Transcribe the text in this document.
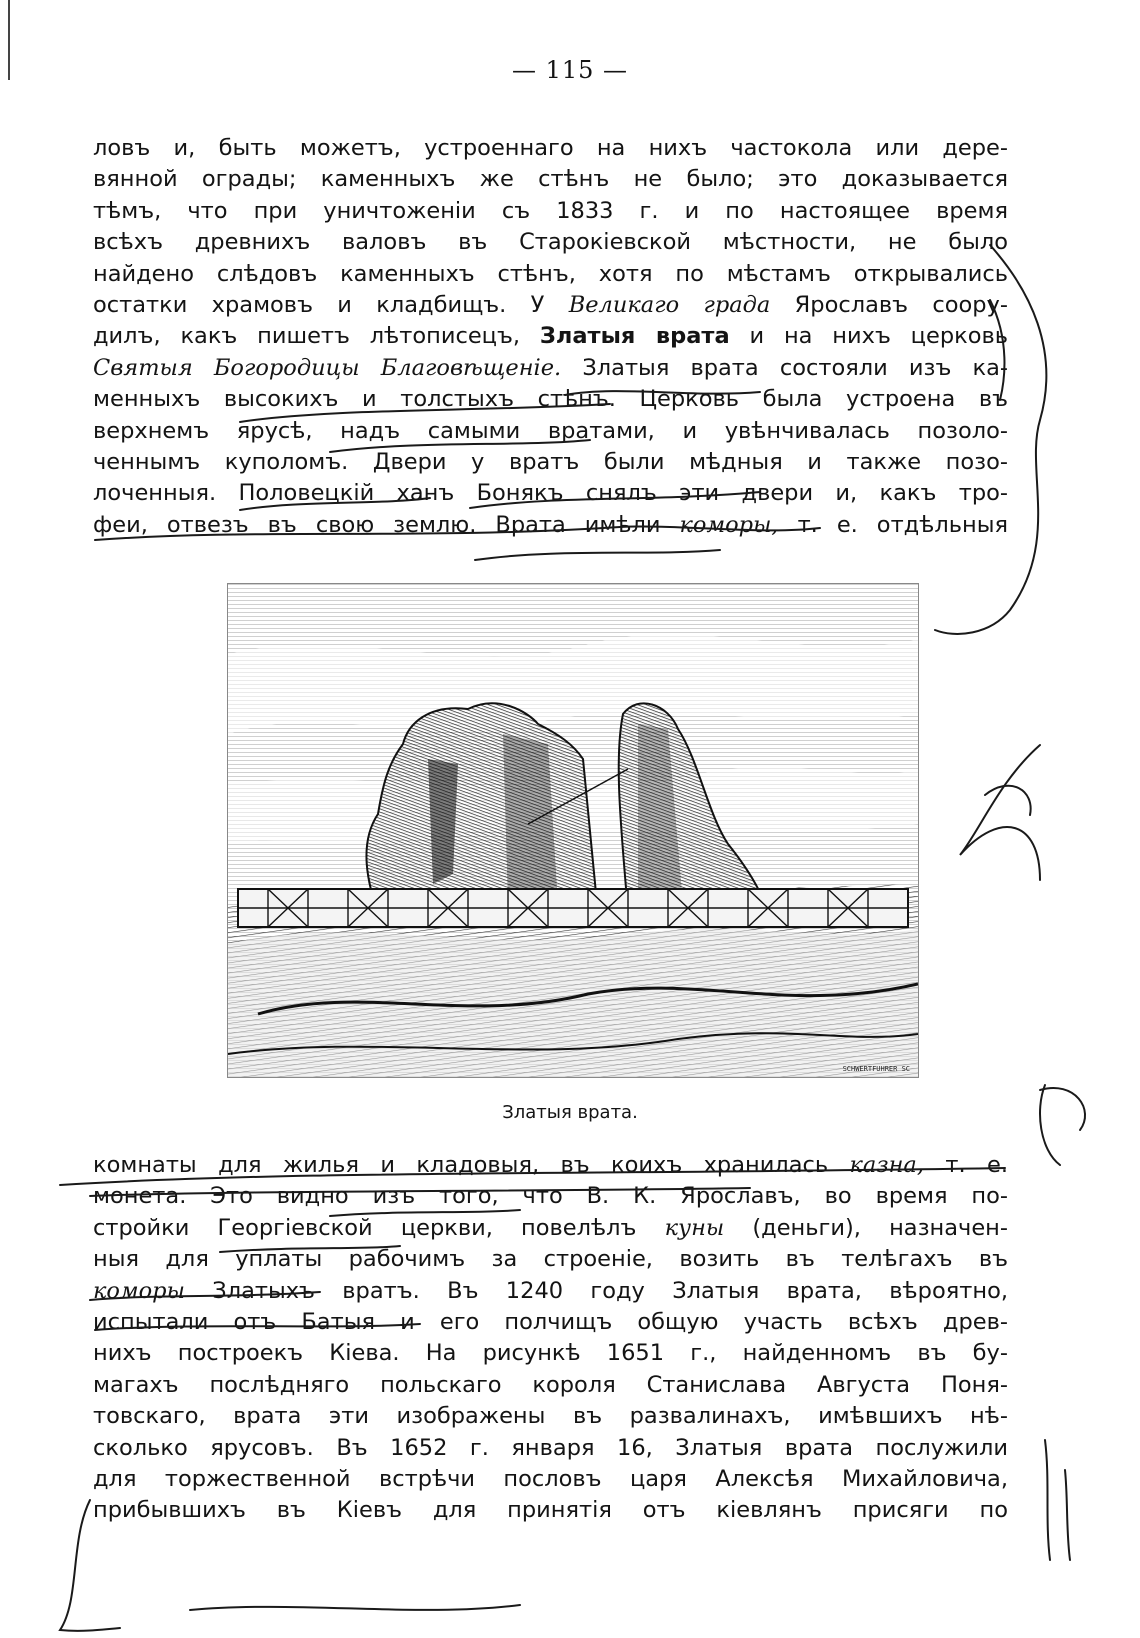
— 115 —
ловъ и, быть можетъ, устроеннаго на нихъ частокола или дере-
вянной ограды; каменныхъ же стѣнъ не было; это доказывается
тѣмъ, что при уничтоженіи съ 1833 г. и по настоящее время
всѣхъ древнихъ валовъ въ Старокіевской мѣстности, не было
найдено слѣдовъ каменныхъ стѣнъ, хотя по мѣстамъ открывались
остатки храмовъ и кладбищъ. У Великаго града Ярославъ соору-
дилъ, какъ пишетъ лѣтописецъ, Златыя врата и на нихъ церковь
Святыя Богородицы Благовѣщеніе. Златыя врата состояли изъ ка-
менныхъ высокихъ и толстыхъ стѣнъ. Церковь была устроена въ
верхнемъ ярусѣ, надъ самыми вратами, и увѣнчивалась позоло-
ченнымъ куполомъ. Двери у вратъ были мѣдныя и также позо-
лоченныя. Половецкій ханъ Бонякъ снялъ эти двери и, какъ тро-
феи, отвезъ въ свою землю. Врата имѣли коморы, т. е. отдѣльныя
SCHWERTFUHRER SC
Златыя врата.
комнаты для жилья и кладовыя, въ коихъ хранилась казна, т. е.
монета. Это видно изъ того, что В. К. Ярославъ, во время по-
стройки Георгіевской церкви, повелѣлъ куны (деньги), назначен-
ныя для уплаты рабочимъ за строеніе, возить въ телѣгахъ въ
коморы Златыхъ вратъ. Въ 1240 году Златыя врата, вѣроятно,
испытали отъ Батыя и его полчищъ общую участь всѣхъ древ-
нихъ построекъ Кіева. На рисункѣ 1651 г., найденномъ въ бу-
магахъ послѣдняго польскаго короля Станислава Августа Поня-
товскаго, врата эти изображены въ развалинахъ, имѣвшихъ нѣ-
сколько ярусовъ. Въ 1652 г. января 16, Златыя врата послужили
для торжественной встрѣчи пословъ царя Алексѣя Михайловича,
прибывшихъ въ Кіевъ для принятія отъ кіевлянъ присяги по
